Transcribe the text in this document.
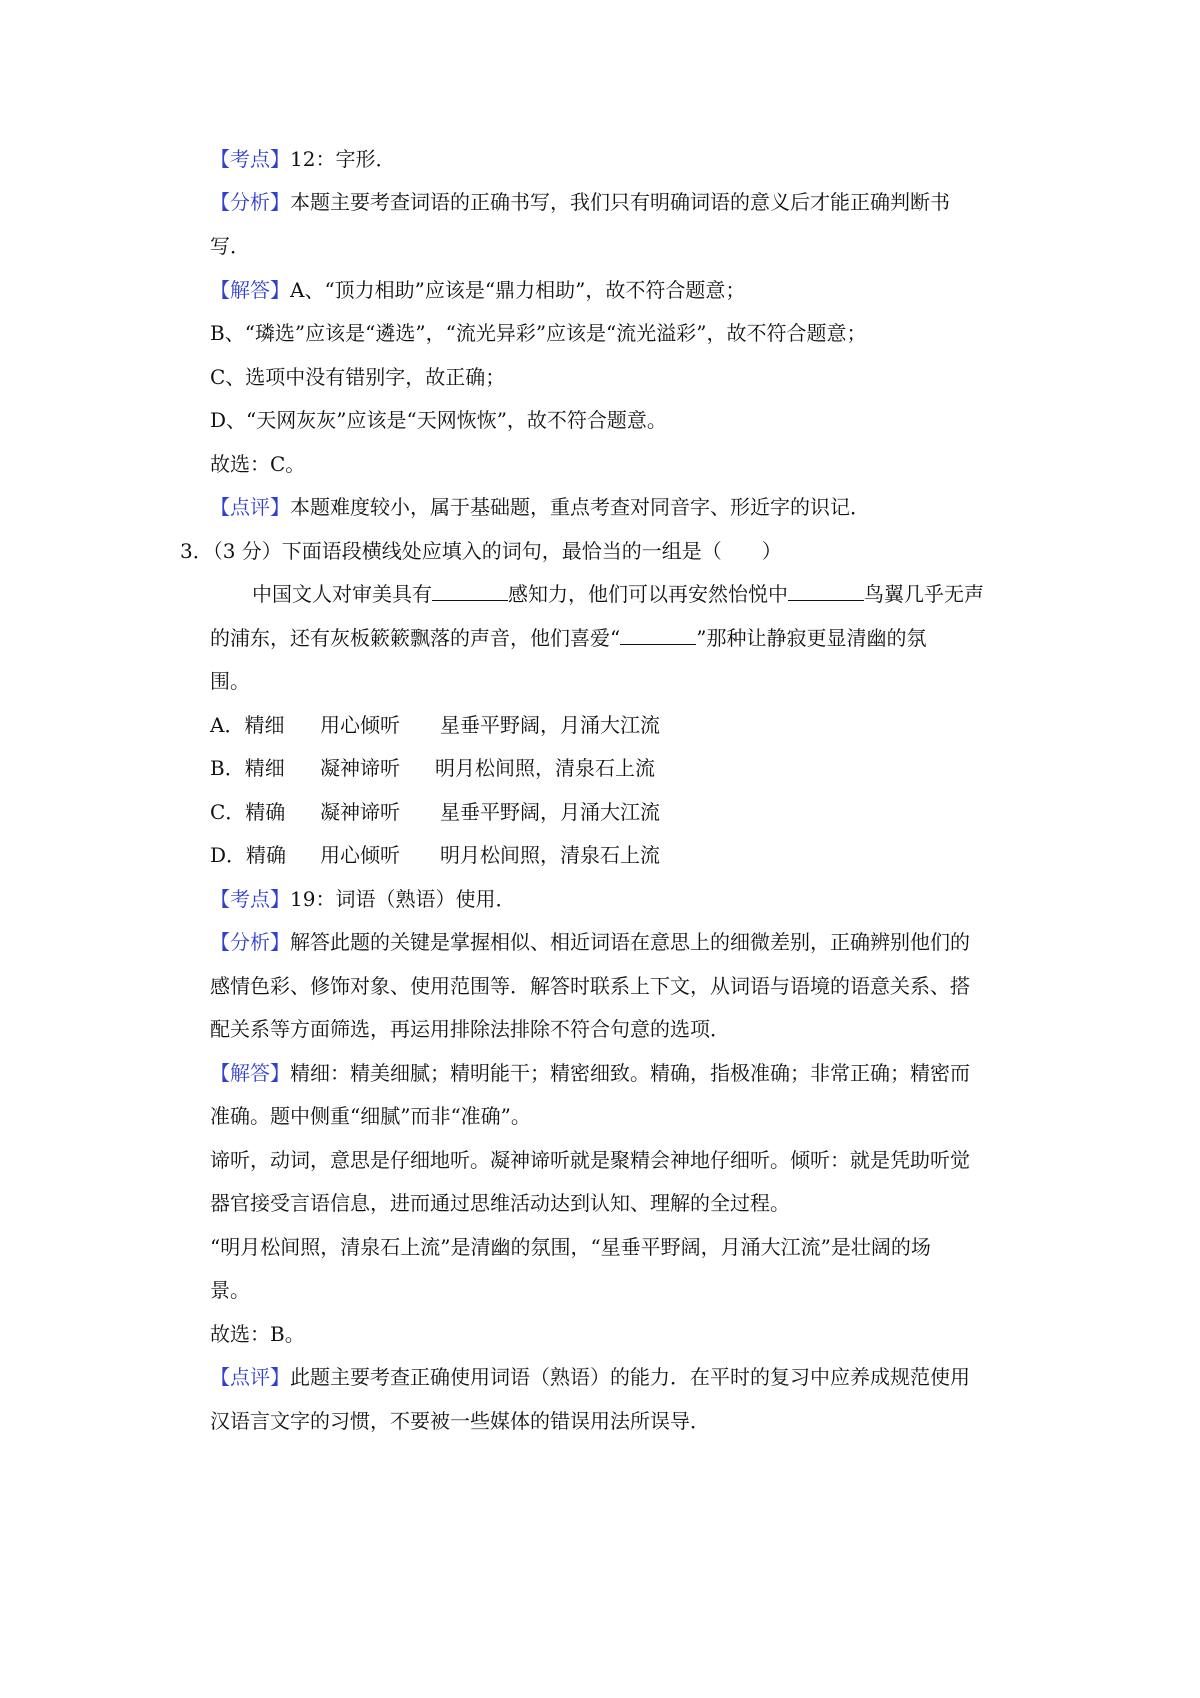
【考点】12：字形．
【分析】本题主要考查词语的正确书写，我们只有明确词语的意义后才能正确判断书
写．
【解答】A、“顶力相助”应该是“鼎力相助”，故不符合题意；
B、“璘选”应该是“遴选”，“流光异彩”应该是“流光溢彩”，故不符合题意；
C、选项中没有错别字，故正确；
D、“天网灰灰”应该是“天网恢恢”，故不符合题意。
故选：C。
【点评】本题难度较小，属于基础题，重点考查对同音字、形近字的识记．
3．（3 分）下面语段横线处应填入的词句，最恰当的一组是（　　）
中国文人对审美具有	感知力，他们可以再安然怡悦中	鸟翼几乎无声
的浦东，还有灰板簌簌飘落的声音，他们喜爱“	”那种让静寂更显清幽的氛
围。
A．精细 用心倾听 星垂平野阔，月涌大江流
B．精细 凝神谛听 明月松间照，清泉石上流
C．精确 凝神谛听 星垂平野阔，月涌大江流
D．精确 用心倾听 明月松间照，清泉石上流
【考点】19：词语（熟语）使用．
【分析】解答此题的关键是掌握相似、相近词语在意思上的细微差别，正确辨别他们的
感情色彩、修饰对象、使用范围等．解答时联系上下文，从词语与语境的语意关系、搭
配关系等方面筛选，再运用排除法排除不符合句意的选项．
【解答】精细：精美细腻；精明能干；精密细致。精确，指极准确；非常正确；精密而
准确。题中侧重“细腻”而非“准确”。
谛听，动词，意思是仔细地听。凝神谛听就是聚精会神地仔细听。倾听：就是凭助听觉
器官接受言语信息，进而通过思维活动达到认知、理解的全过程。
“明月松间照，清泉石上流”是清幽的氛围，“星垂平野阔，月涌大江流”是壮阔的场
景。
故选：B。
【点评】此题主要考查正确使用词语（熟语）的能力．在平时的复习中应养成规范使用
汉语言文字的习惯，不要被一些媒体的错误用法所误导．
